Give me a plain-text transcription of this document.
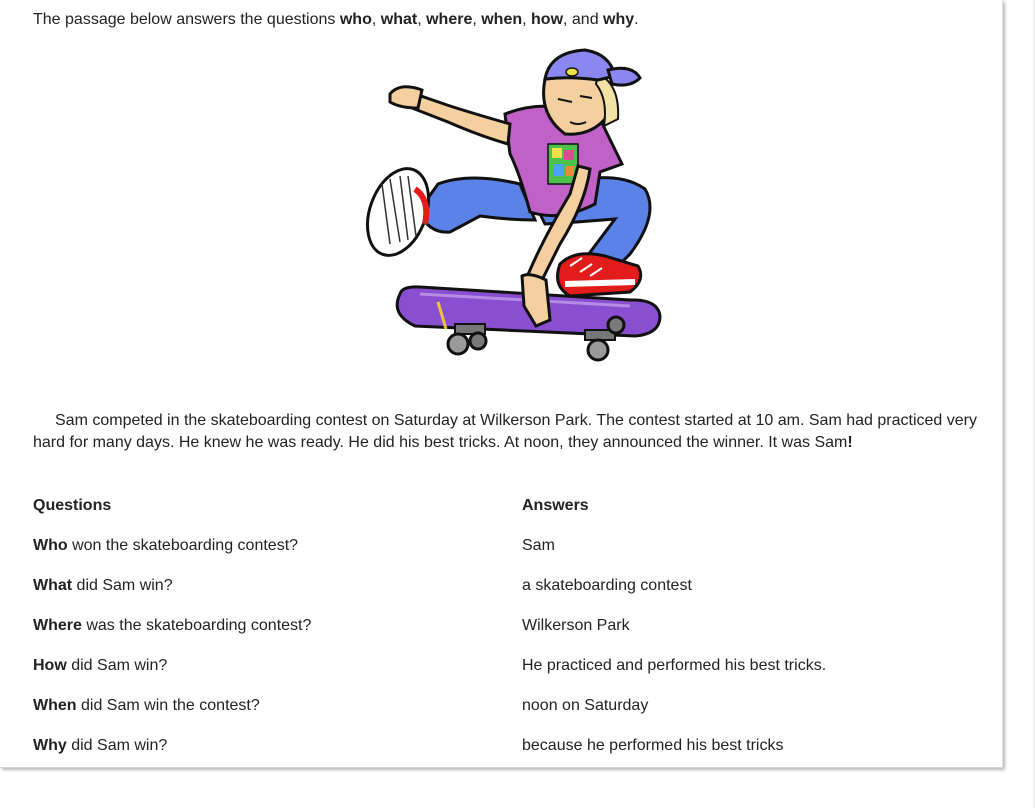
The passage below answers the questions who, what, where, when, how, and why.
Sam competed in the skateboarding contest on Saturday at Wilkerson Park. The contest started at 10 am. Sam had practiced very hard for many days. He knew he was ready. He did his best tricks. At noon, they announced the winner. It was Sam!
Questions	Answers
Who won the skateboarding contest?	Sam
What did Sam win?	a skateboarding contest
Where was the skateboarding contest?	Wilkerson Park
How did Sam win?	He practiced and performed his best tricks.
When did Sam win the contest?	noon on Saturday
Why did Sam win?	because he performed his best tricks
